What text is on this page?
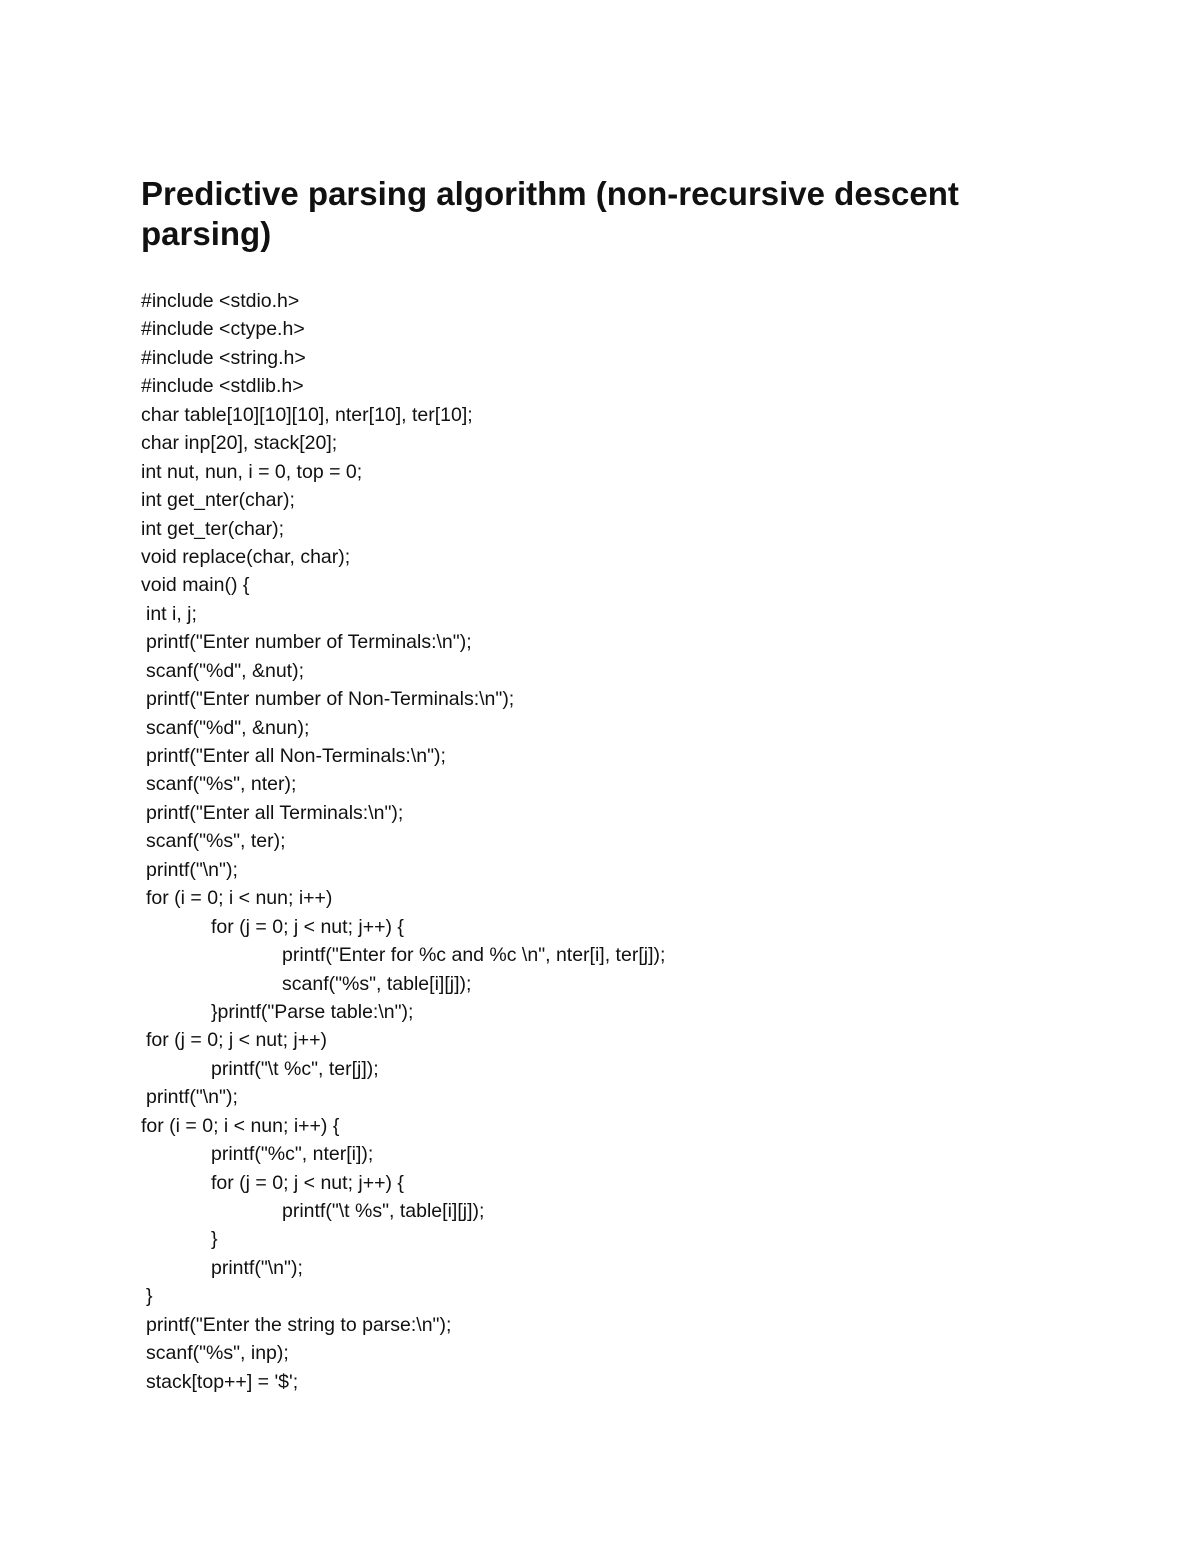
Predictive parsing algorithm (non-recursive descent parsing)
#include <stdio.h>
#include <ctype.h>
#include <string.h>
#include <stdlib.h>
char table[10][10][10], nter[10], ter[10];
char inp[20], stack[20];
int nut, nun, i = 0, top = 0;
int get_nter(char);
int get_ter(char);
void replace(char, char);
void main() {
int i, j;
printf("Enter number of Terminals:\n");
scanf("%d", &nut);
printf("Enter number of Non-Terminals:\n");
scanf("%d", &nun);
printf("Enter all Non-Terminals:\n");
scanf("%s", nter);
printf("Enter all Terminals:\n");
scanf("%s", ter);
printf("\n");
for (i = 0; i < nun; i++)
for (j = 0; j < nut; j++) {
printf("Enter for %c and %c \n", nter[i], ter[j]);
scanf("%s", table[i][j]);
}printf("Parse table:\n");
for (j = 0; j < nut; j++)
printf("\t %c", ter[j]);
printf("\n");
for (i = 0; i < nun; i++) {
printf("%c", nter[i]);
for (j = 0; j < nut; j++) {
printf("\t %s", table[i][j]);
}
printf("\n");
}
printf("Enter the string to parse:\n");
scanf("%s", inp);
stack[top++] = '$';
